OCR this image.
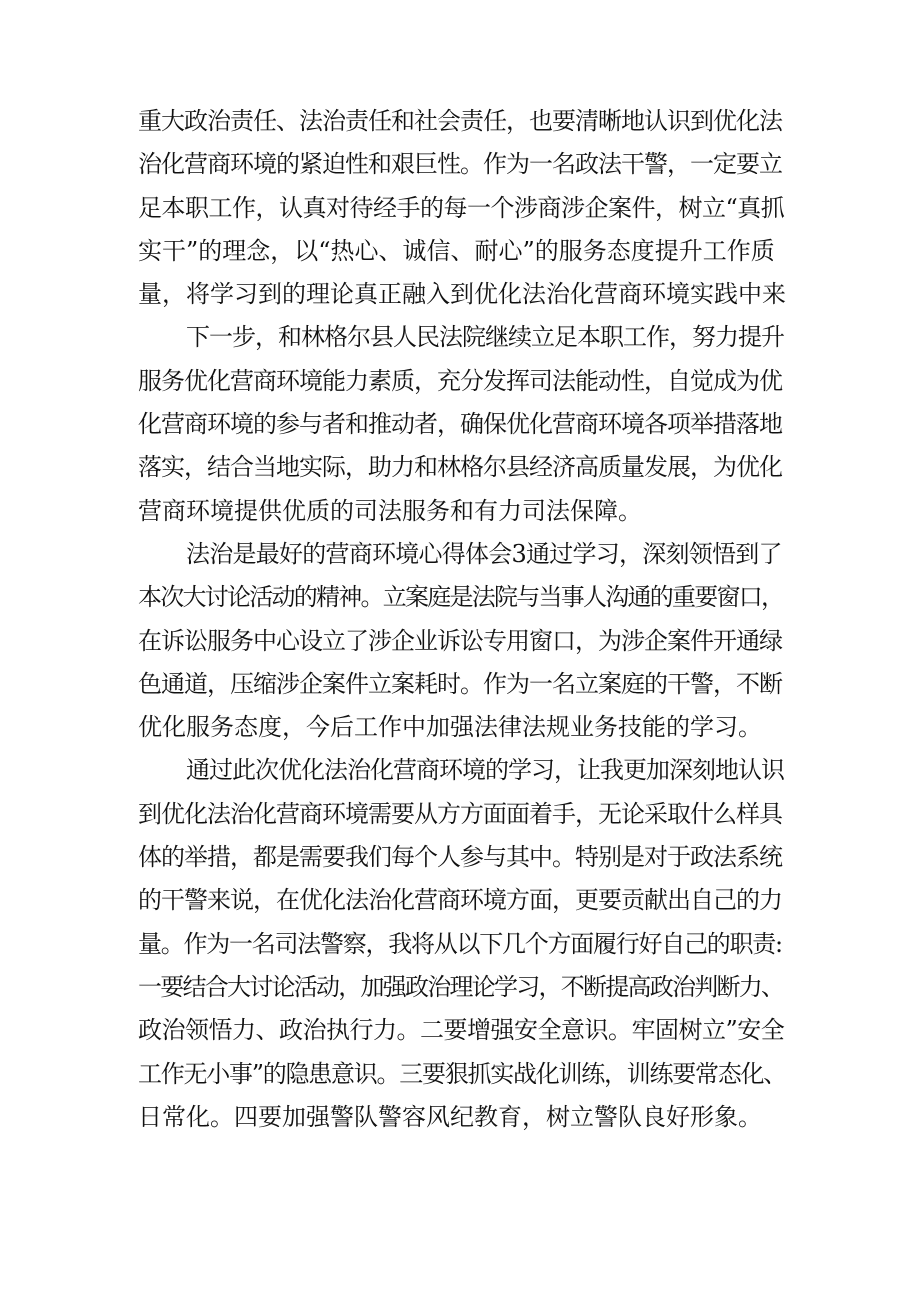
重大政治责任、法治责任和社会责任，也要清晰地认识到优化法
治化营商环境的紧迫性和艰巨性。作为一名政法干警，一定要立
足本职工作，认真对待经手的每一个涉商涉企案件，树立“真抓
实干”的理念，以“热心、诚信、耐心”的服务态度提升工作质
量，将学习到的理论真正融入到优化法治化营商环境实践中来
下一步，和林格尔县人民法院继续立足本职工作，努力提升
服务优化营商环境能力素质，充分发挥司法能动性，自觉成为优
化营商环境的参与者和推动者，确保优化营商环境各项举措落地
落实，结合当地实际，助力和林格尔县经济高质量发展，为优化
营商环境提供优质的司法服务和有力司法保障。
法治是最好的营商环境心得体会3通过学习，深刻领悟到了
本次大讨论活动的精神。立案庭是法院与当事人沟通的重要窗口，
在诉讼服务中心设立了涉企业诉讼专用窗口，为涉企案件开通绿
色通道，压缩涉企案件立案耗时。作为一名立案庭的干警，不断
优化服务态度，今后工作中加强法律法规业务技能的学习。
通过此次优化法治化营商环境的学习，让我更加深刻地认识
到优化法治化营商环境需要从方方面面着手，无论采取什么样具
体的举措，都是需要我们每个人参与其中。特别是对于政法系统
的干警来说，在优化法治化营商环境方面，更要贡献出自己的力
量。作为一名司法警察，我将从以下几个方面履行好自己的职责:
一要结合大讨论活动，加强政治理论学习，不断提高政治判断力、
政治领悟力、政治执行力。二要增强安全意识。牢固树立”安全
工作无小事”的隐患意识。三要狠抓实战化训练，训练要常态化、
日常化。四要加强警队警容风纪教育，树立警队良好形象。
